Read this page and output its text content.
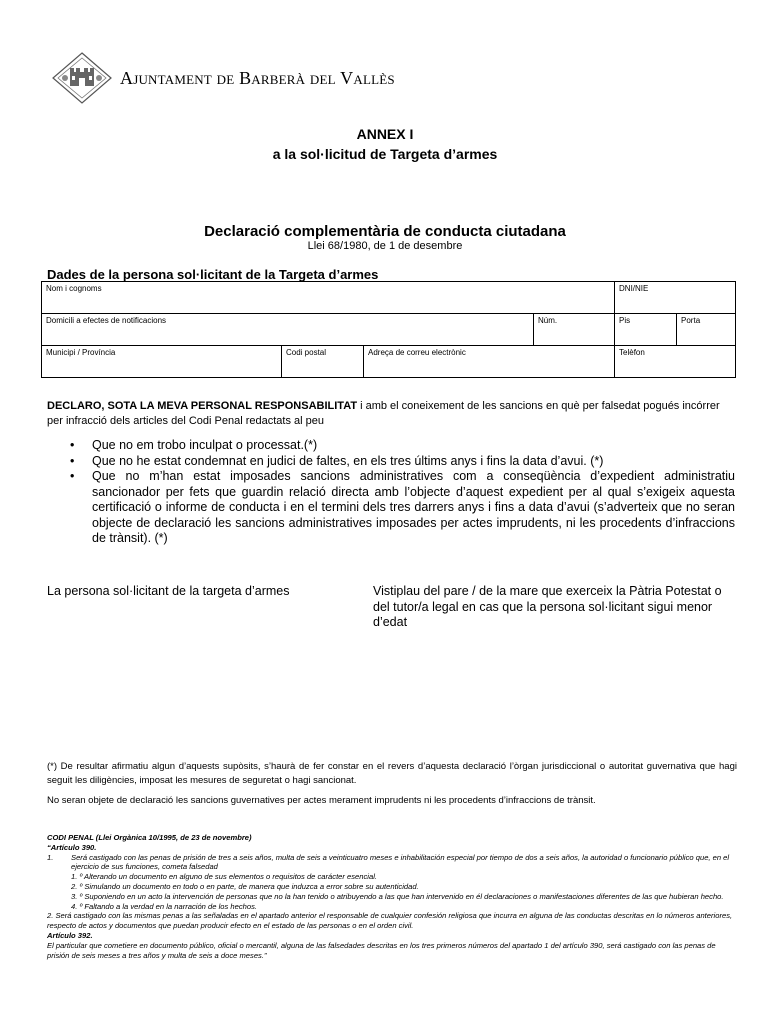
Ajuntament de Barberà del Vallès
ANNEX I
a la sol·licitud de Targeta d’armes
Declaració complementària de conducta ciutadana
Llei 68/1980, de 1 de desembre
Dades de la persona sol·licitant de la Targeta d’armes
Nom i cognoms				DNI/NIE	
Domicili a efectes de notificacions			Núm.	Pis	Porta
Municipi / Província	Codi postal	Adreça de correu electrònic		Telèfon	
DECLARO, SOTA LA MEVA PERSONAL RESPONSABILITAT i amb el coneixement de les sancions en què per falsedat pogués incórrer per infracció dels articles del Codi Penal redactats al peu
• Que no em trobo inculpat o processat.(*)
• Que no he estat condemnat en judici de faltes, en els tres últims anys i fins la data d’avui. (*)
• Que no m’han estat imposades sancions administratives com a conseqüència d’expedient administratiu sancionador per fets que guardin relació directa amb l’objecte d’aquest expedient per al qual s’exigeix aquesta certificació o informe de conducta i en el termini dels tres darrers anys i fins a data d’avui (s’adverteix que no seran objecte de declaració les sancions administratives imposades per actes imprudents, ni les procedents d’infraccions de trànsit). (*)
La persona sol·licitant de la targeta d’armes	Vistiplau del pare / de la mare que exerceix la Pàtria Potestat o del tutor/a legal en cas que la persona sol·licitant sigui menor d’edat
(*) De resultar afirmatiu algun d’aquests supòsits, s’haurà de fer constar en el revers d’aquesta declaració l’òrgan jurisdiccional o autoritat guvernativa que hagi seguit les diligències, imposat les mesures de seguretat o hagi sancionat.
No seran objete de declaració les sancions guvernatives per actes merament imprudents ni les procedents d’infraccions de trànsit.
CODI PENAL (Llei Orgànica 10/1995, de 23 de novembre)
“Artículo 390.
1. Será castigado con las penas de prisión de tres a seis años, multa de seis a veinticuatro meses e inhabilitación especial por tiempo de dos a seis años, la autoridad o funcionario público que, en el ejercicio de sus funciones, cometa falsedad
1. º Alterando un documento en alguno de sus elementos o requisitos de carácter esencial.
2. º Simulando un documento en todo o en parte, de manera que induzca a error sobre su autenticidad.
3. º Suponiendo en un acto la intervención de personas que no la han tenido o atribuyendo a las que han intervenido en él declaraciones o manifestaciones diferentes de las que hubieran hecho.
4. º Faltando a la verdad en la narración de los hechos.
2. Será castigado con las mismas penas a las señaladas en el apartado anterior el responsable de cualquier confesión religiosa que incurra en alguna de las conductas descritas en lo números anteriores, respecto de actos y documentos que puedan producir efecto en el estado de las personas o en el orden civil.
Artículo 392.
El particular que cometiere en documento público, oficial o mercantil, alguna de las falsedades descritas en los tres primeros números del apartado 1 del artículo 390, será castigado con las penas de prisión de seis meses a tres años y multa de seis a doce meses.”
